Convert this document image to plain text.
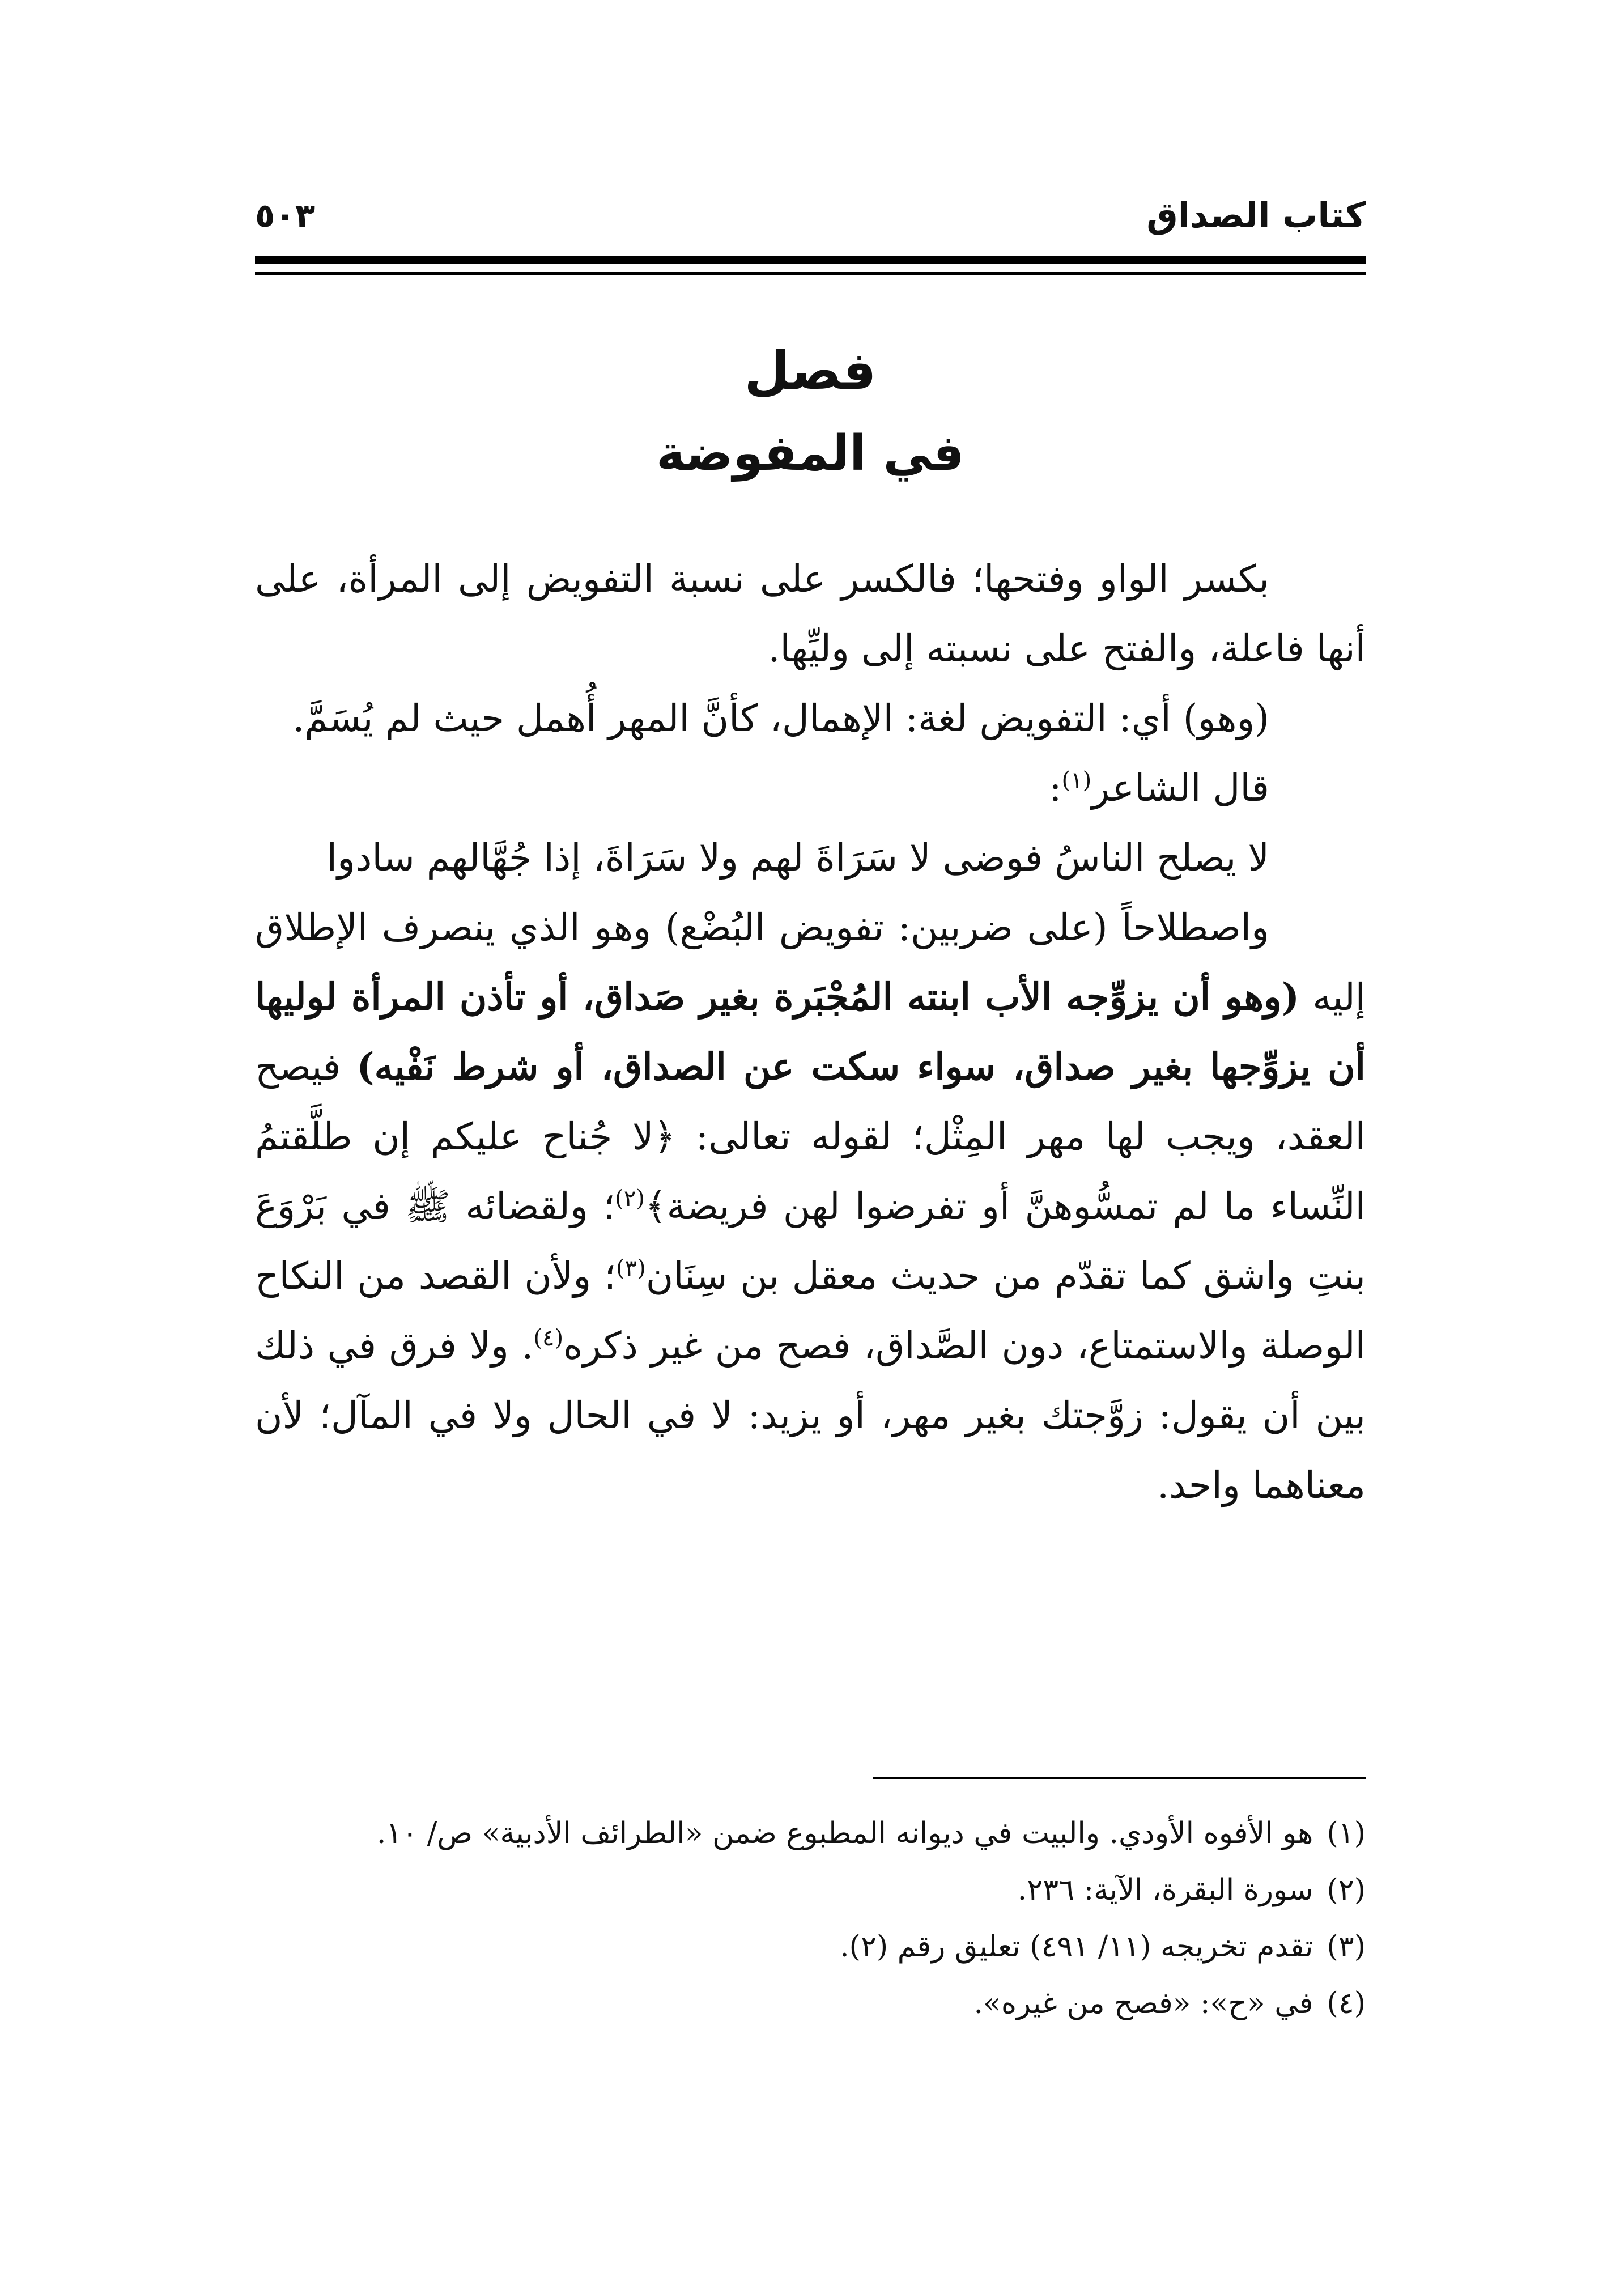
كتاب الصداق
٥٠٣
فصل
في المفوضة

بكسر الواو وفتحها؛ فالكسر على نسبة التفويض إلى المرأة، على أنها فاعلة، والفتح على نسبته إلى وليِّها.

(وهو) أي: التفويض لغة: الإهمال، كأنَّ المهر أُهمل حيث لم يُسَمَّ.

قال الشاعر$^{(١)}$:

لا يصلح الناسُ فوضى لا سَرَاةَ لهم ولا سَرَاةَ، إذا جُهَّالهم سادوا

واصطلاحاً (على ضربين: تفويض البُضْع) وهو الذي ينصرف الإطلاق إليه (وهو أن يزوِّجه الأب ابنته المُجْبَرة بغير صَداق، أو تأذن المرأة لوليها أن يزوِّجها بغير صداق، سواء سكت عن الصداق، أو شرط نَفْيه) فيصح العقد، ويجب لها مهر المِثْل؛ لقوله تعالى: ﴿لا جُناح عليكم إن طلَّقتمُ النِّساء ما لم تمسُّوهنَّ أو تفرضوا لهن فريضة﴾$^{(٢)}$؛ ولقضائه ﷺ في بَرْوَعَ بنتِ واشق كما تقدّم من حديث معقل بن سِنَان$^{(٣)}$؛ ولأن القصد من النكاح الوصلة والاستمتاع، دون الصَّداق، فصح من غير ذكره$^{(٤)}$. ولا فرق في ذلك بين أن يقول: زوَّجتك بغير مهر، أو يزيد: لا في الحال ولا في المآل؛ لأن معناهما واحد.

(١)هو الأفوه الأودي. والبيت في ديوانه المطبوع ضمن «الطرائف الأدبية» ص/ ١٠.

(٢)سورة البقرة، الآية: ٢٣٦.

(٣)تقدم تخريجه (١١/ ٤٩١) تعليق رقم (٢).

(٤)في «ح»: «فصح من غيره».
